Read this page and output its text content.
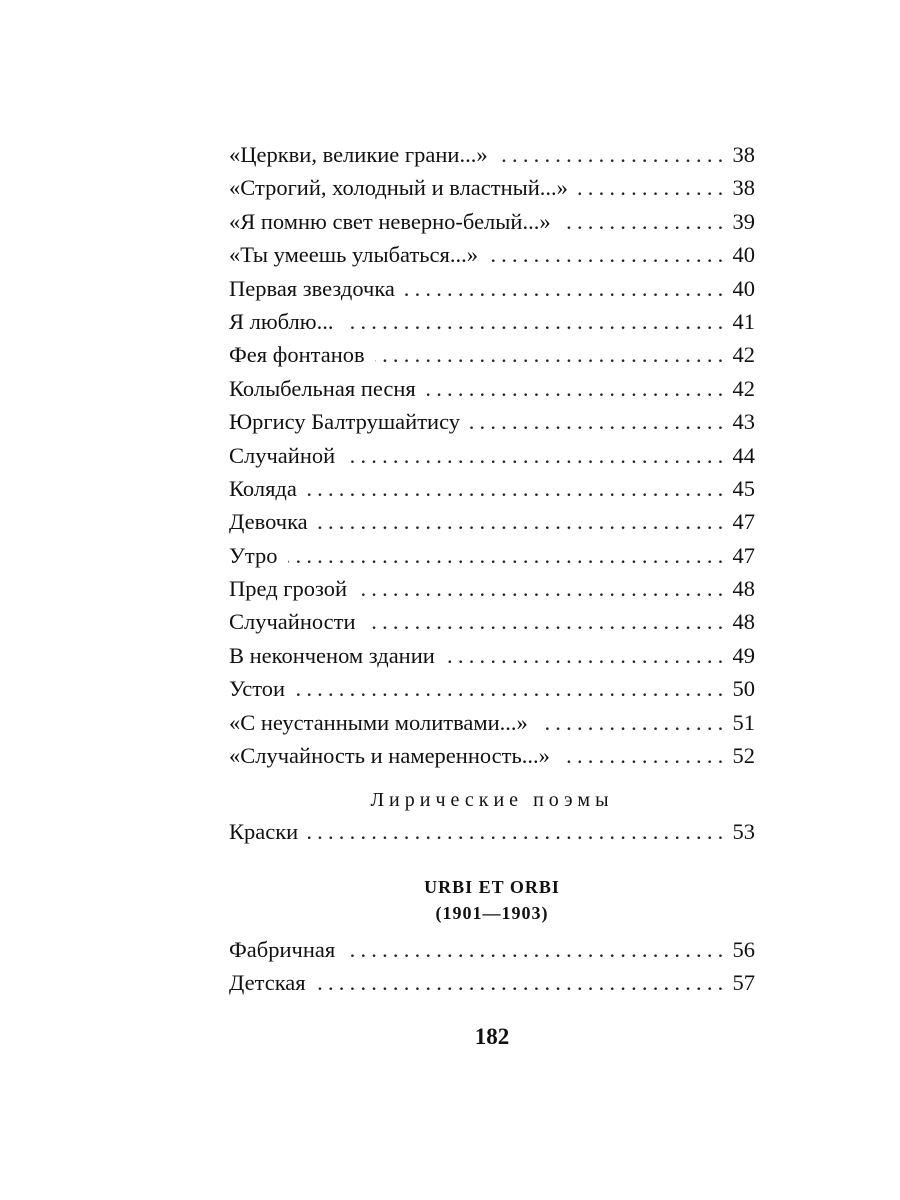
«Церкви, великие грани...» .....	38
«Строгий, холодный и властный...» .....	38
«Я помню свет неверно-белый...» .....	39
«Ты умеешь улыбаться...» .....	40
Первая звездочка .....	40
Я люблю... .....	41
Фея фонтанов .....	42
Колыбельная песня .....	42
Юргису Балтрушайтису .....	43
Случайной .....	44
Коляда .....	45
Девочка .....	47
Утро .....	47
Пред грозой .....	48
Случайности .....	48
В неконченом здании .....	49
Устои .....	50
«С неустанными молитвами...» .....	51
«Случайность и намеренность...» .....	52
Лирические поэмы
Краски .....	53
URBI ET ORBI
(1901—1903)
Фабричная .....	56
Детская .....	57
182
